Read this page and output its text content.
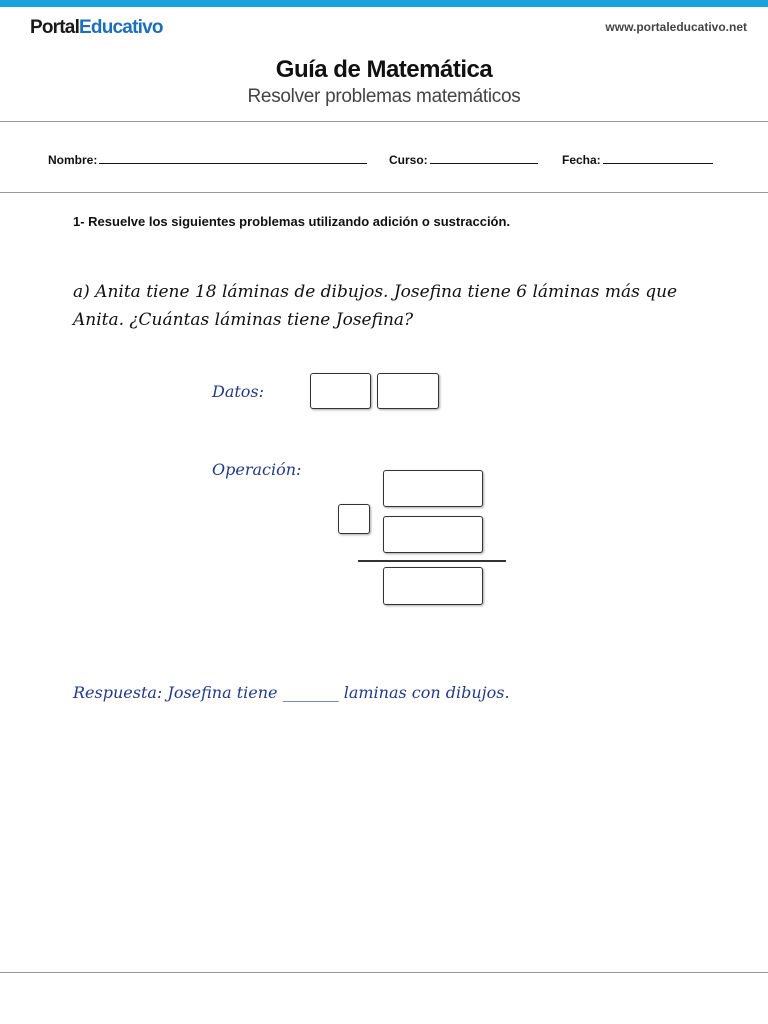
PortalEducativo	www.portaleducativo.net
Guía de Matemática
Resolver problemas matemáticos
Nombre:	Curso:	Fecha:
1- Resuelve los siguientes problemas utilizando adición o sustracción.
a) Anita tiene 18 láminas de dibujos. Josefina tiene 6 láminas más que Anita. ¿Cuántas láminas tiene Josefina?
Datos:
Operación:
Respuesta: Josefina tiene _______ laminas con dibujos.
